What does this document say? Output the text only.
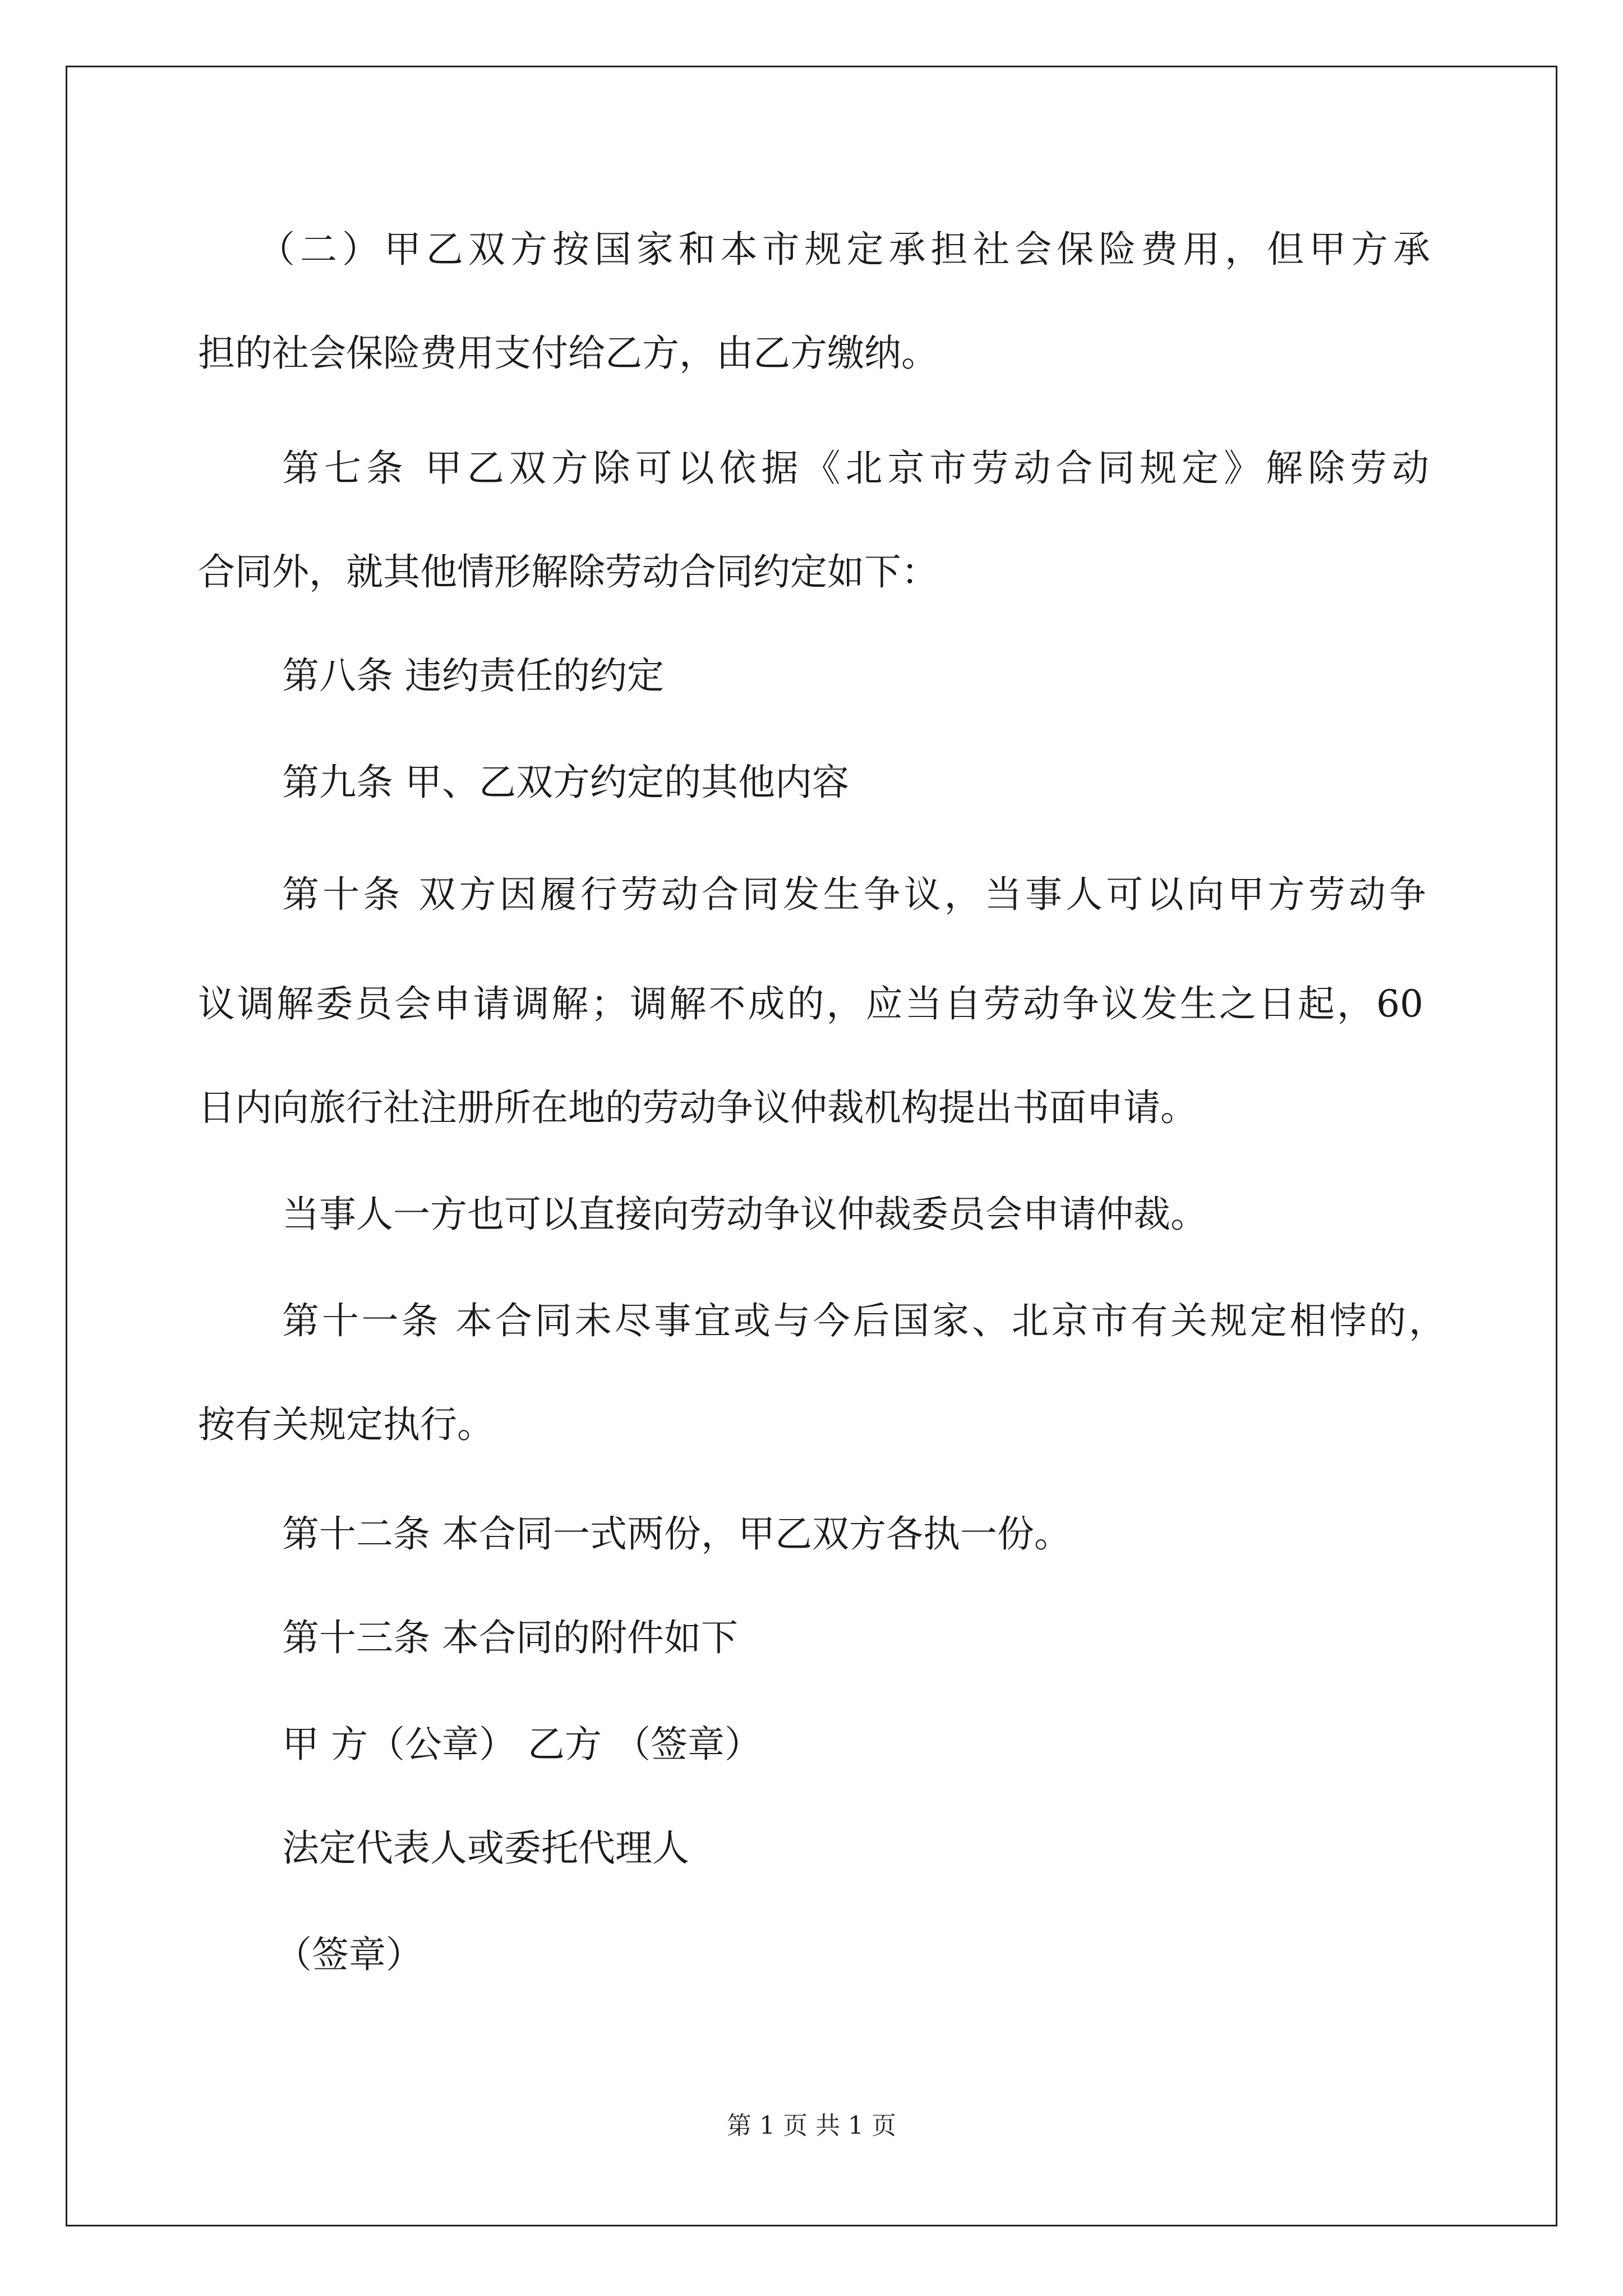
（二）甲乙双方按国家和本市规定承担社会保险费用，但甲方承
担的社会保险费用支付给乙方，由乙方缴纳。
第七条 甲乙双方除可以依据《北京市劳动合同规定》解除劳动
合同外，就其他情形解除劳动合同约定如下：
第八条 违约责任的约定
第九条 甲、乙双方约定的其他内容
第十条 双方因履行劳动合同发生争议，当事人可以向甲方劳动争
议调解委员会申请调解；调解不成的，应当自劳动争议发生之日起，60
日内向旅行社注册所在地的劳动争议仲裁机构提出书面申请。
当事人一方也可以直接向劳动争议仲裁委员会申请仲裁。
第十一条 本合同未尽事宜或与今后国家、北京市有关规定相悖的，
按有关规定执行。
第十二条 本合同一式两份，甲乙双方各执一份。
第十三条 本合同的附件如下
甲 方（公章） 乙方 （签章）
法定代表人或委托代理人
（签章）
第 1 页 共 1 页
